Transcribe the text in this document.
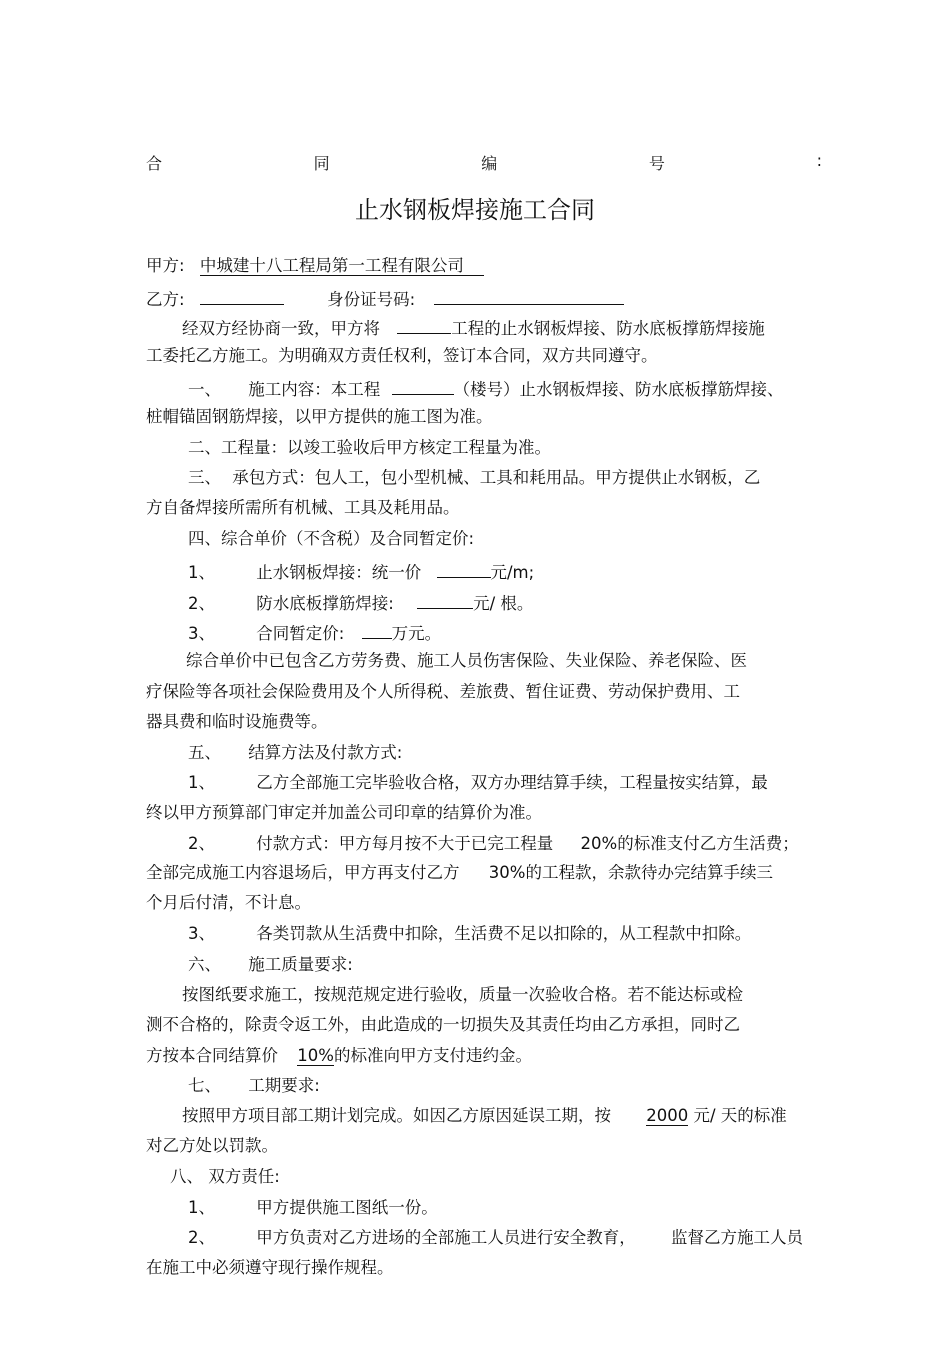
合	同	编	号	:
止水钢板焊接施工合同
甲方: 中城建十八工程局第一工程有限公司
乙方:	身份证号码:
经双方经协商一致，甲方将	工程的止水钢板焊接、防水底板撑筋焊接施
工委托乙方施工。为明确双方责任权利，签订本合同，双方共同遵守。
一、 施工内容：本工程	（楼号）止水钢板焊接、防水底板撑筋焊接、
桩帽锚固钢筋焊接，以甲方提供的施工图为准。
二、工程量：以竣工验收后甲方核定工程量为准。
三、 承包方式：包人工，包小型机械、工具和耗用品。甲方提供止水钢板，乙
方自备焊接所需所有机械、工具及耗用品。
四、综合单价（不含税）及合同暂定价:
1、	止水钢板焊接：统一价	元/m;
2、	防水底板撑筋焊接:	元/ 根。
3、	合同暂定价:	万元。
综合单价中已包含乙方劳务费、施工人员伤害保险、失业保险、养老保险、医
疗保险等各项社会保险费用及个人所得税、差旅费、暂住证费、劳动保护费用、工
器具费和临时设施费等。
五、 结算方法及付款方式:
1、	乙方全部施工完毕验收合格，双方办理结算手续，工程量按实结算，最
终以甲方预算部门审定并加盖公司印章的结算价为准。
2、	付款方式：甲方每月按不大于已完工程量 20%的标准支付乙方生活费；
全部完成施工内容退场后，甲方再支付乙方 30%的工程款，余款待办完结算手续三
个月后付清，不计息。
3、	各类罚款从生活费中扣除，生活费不足以扣除的，从工程款中扣除。
六、 施工质量要求:
按图纸要求施工，按规范规定进行验收，质量一次验收合格。若不能达标或检
测不合格的，除责令返工外，由此造成的一切损失及其责任均由乙方承担，同时乙
方按本合同结算价 10%的标准向甲方支付违约金。
七、 工期要求:
按照甲方项目部工期计划完成。如因乙方原因延误工期，按 2000 元/ 天的标准
对乙方处以罚款。
八、 双方责任:
1、	甲方提供施工图纸一份。
2、	甲方负责对乙方进场的全部施工人员进行安全教育， 监督乙方施工人员
在施工中必须遵守现行操作规程。
